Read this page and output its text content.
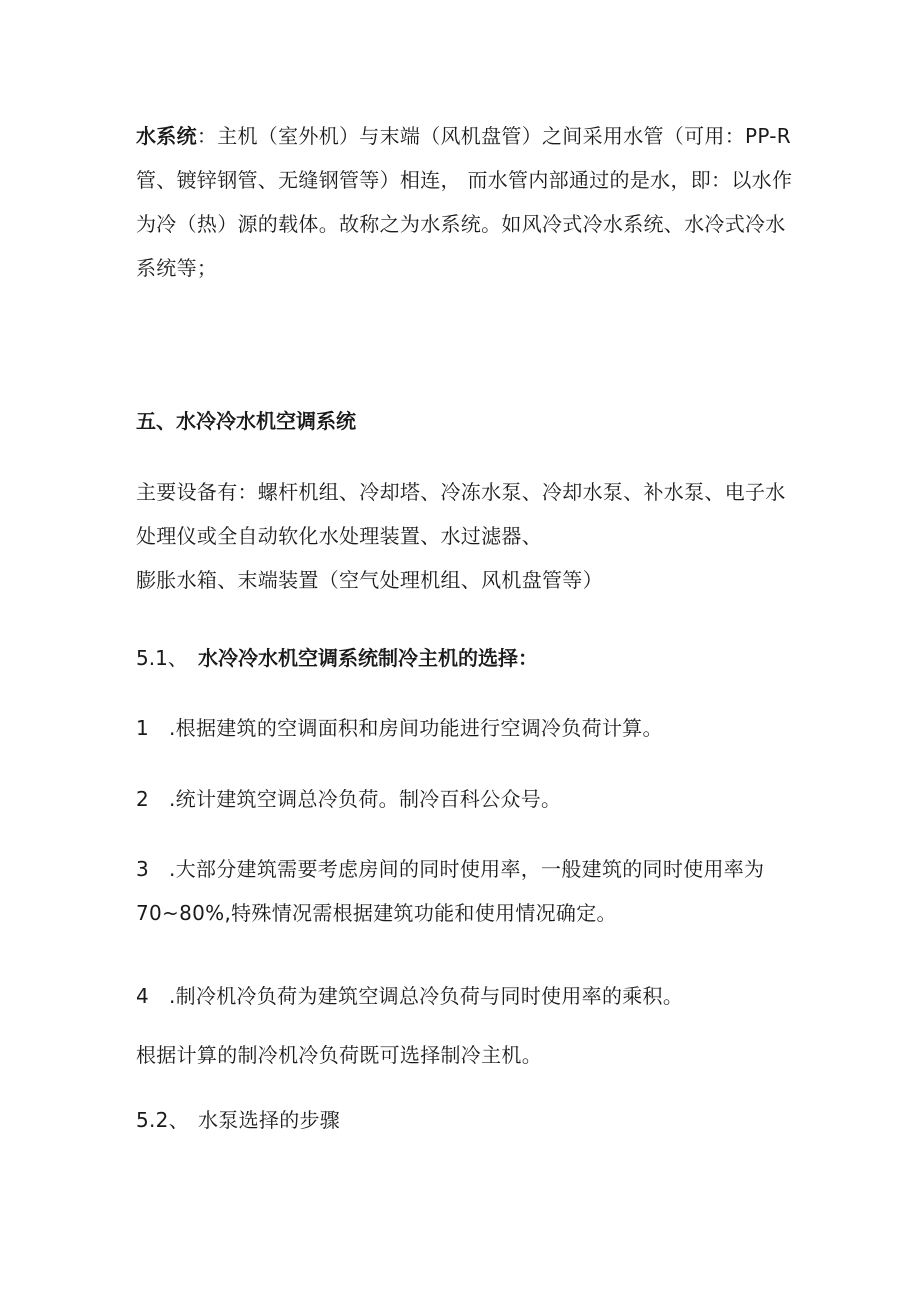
水系统：主机（室外机）与末端（风机盘管）之间采用水管（可用：PP-R
管、镀锌钢管、无缝钢管等）相连， 而水管内部通过的是水，即：以水作
为冷（热）源的载体。故称之为水系统。如风冷式冷水系统、水冷式冷水
系统等；
五、水冷冷水机空调系统
主要设备有：螺杆机组、冷却塔、冷冻水泵、冷却水泵、补水泵、电子水
处理仪或全自动软化水处理装置、水过滤器、
膨胀水箱、末端装置（空气处理机组、风机盘管等）
5.1、 水冷冷水机空调系统制冷主机的选择：
1 .根据建筑的空调面积和房间功能进行空调冷负荷计算。
2 .统计建筑空调总冷负荷。制冷百科公众号。
3 .大部分建筑需要考虑房间的同时使用率，一般建筑的同时使用率为
70~80%,特殊情况需根据建筑功能和使用情况确定。
4 .制冷机冷负荷为建筑空调总冷负荷与同时使用率的乘积。
根据计算的制冷机冷负荷既可选择制冷主机。
5.2、 水泵选择的步骤
